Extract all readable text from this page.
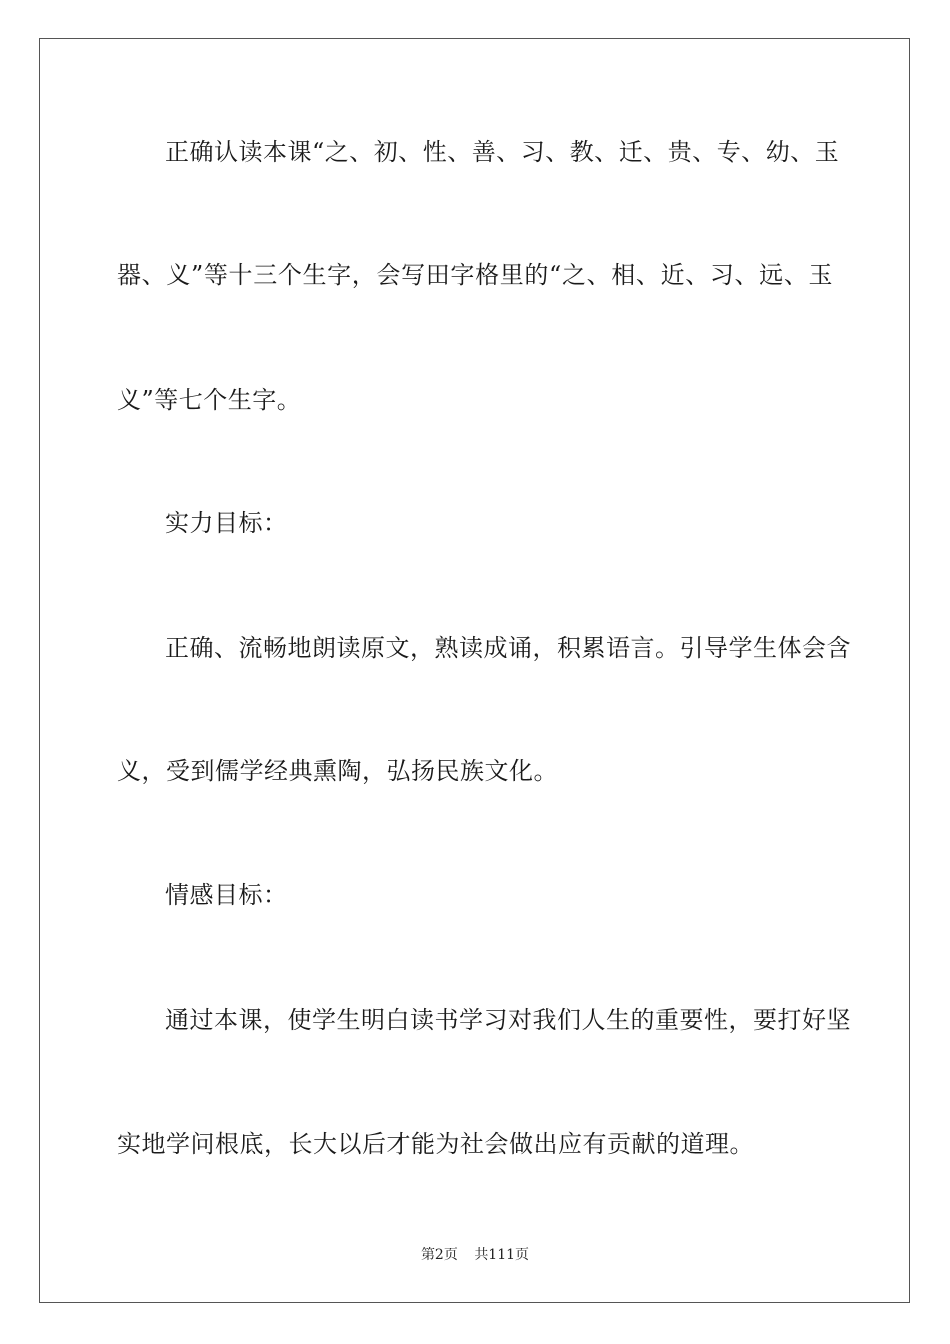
正确认读本课“之、初、性、善、习、教、迁、贵、专、幼、玉
器、义”等十三个生字，会写田字格里的“之、相、近、习、远、玉
义”等七个生字。
实力目标：
正确、流畅地朗读原文，熟读成诵，积累语言。引导学生体会含
义，受到儒学经典熏陶，弘扬民族文化。
情感目标：
通过本课，使学生明白读书学习对我们人生的重要性，要打好坚
实地学问根底，长大以后才能为社会做出应有贡献的道理。
第2页 共111页
